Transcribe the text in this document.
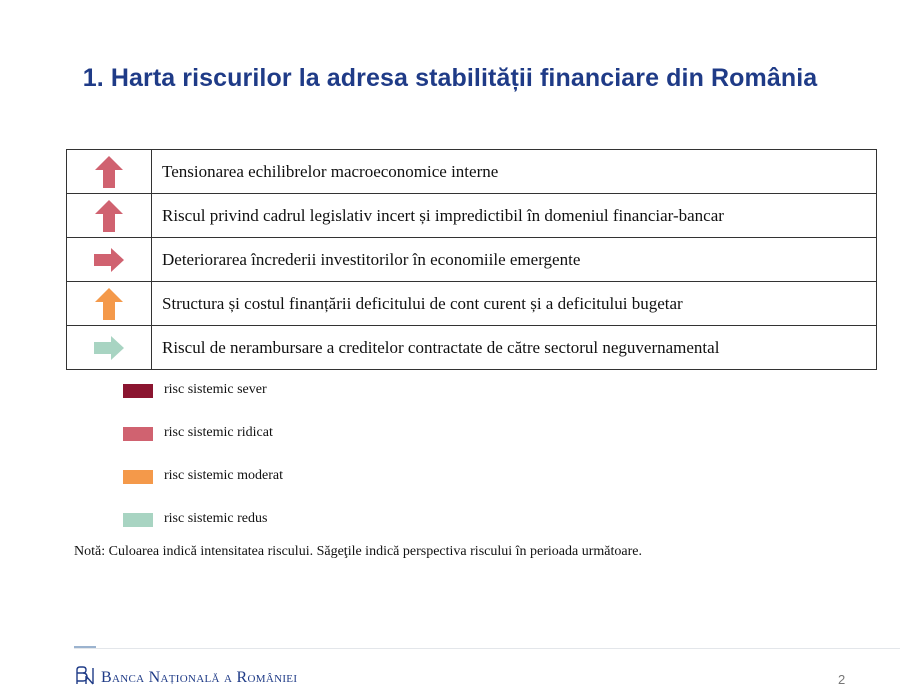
1. Harta riscurilor la adresa stabilității financiare din România
	Tensionarea echilibrelor macroeconomice interne
	Riscul privind cadrul legislativ incert și impredictibil în domeniul financiar-bancar
	Deteriorarea încrederii investitorilor în economiile emergente
	Structura și costul finanțării deficitului de cont curent și a deficitului bugetar
	Riscul de nerambursare a creditelor contractate de către sectorul neguvernamental
risc sistemic sever
risc sistemic ridicat
risc sistemic moderat
risc sistemic redus
Notă: Culoarea indică intensitatea riscului. Săgeţile indică perspectiva riscului în perioada următoare.
Banca Națională a României	2
